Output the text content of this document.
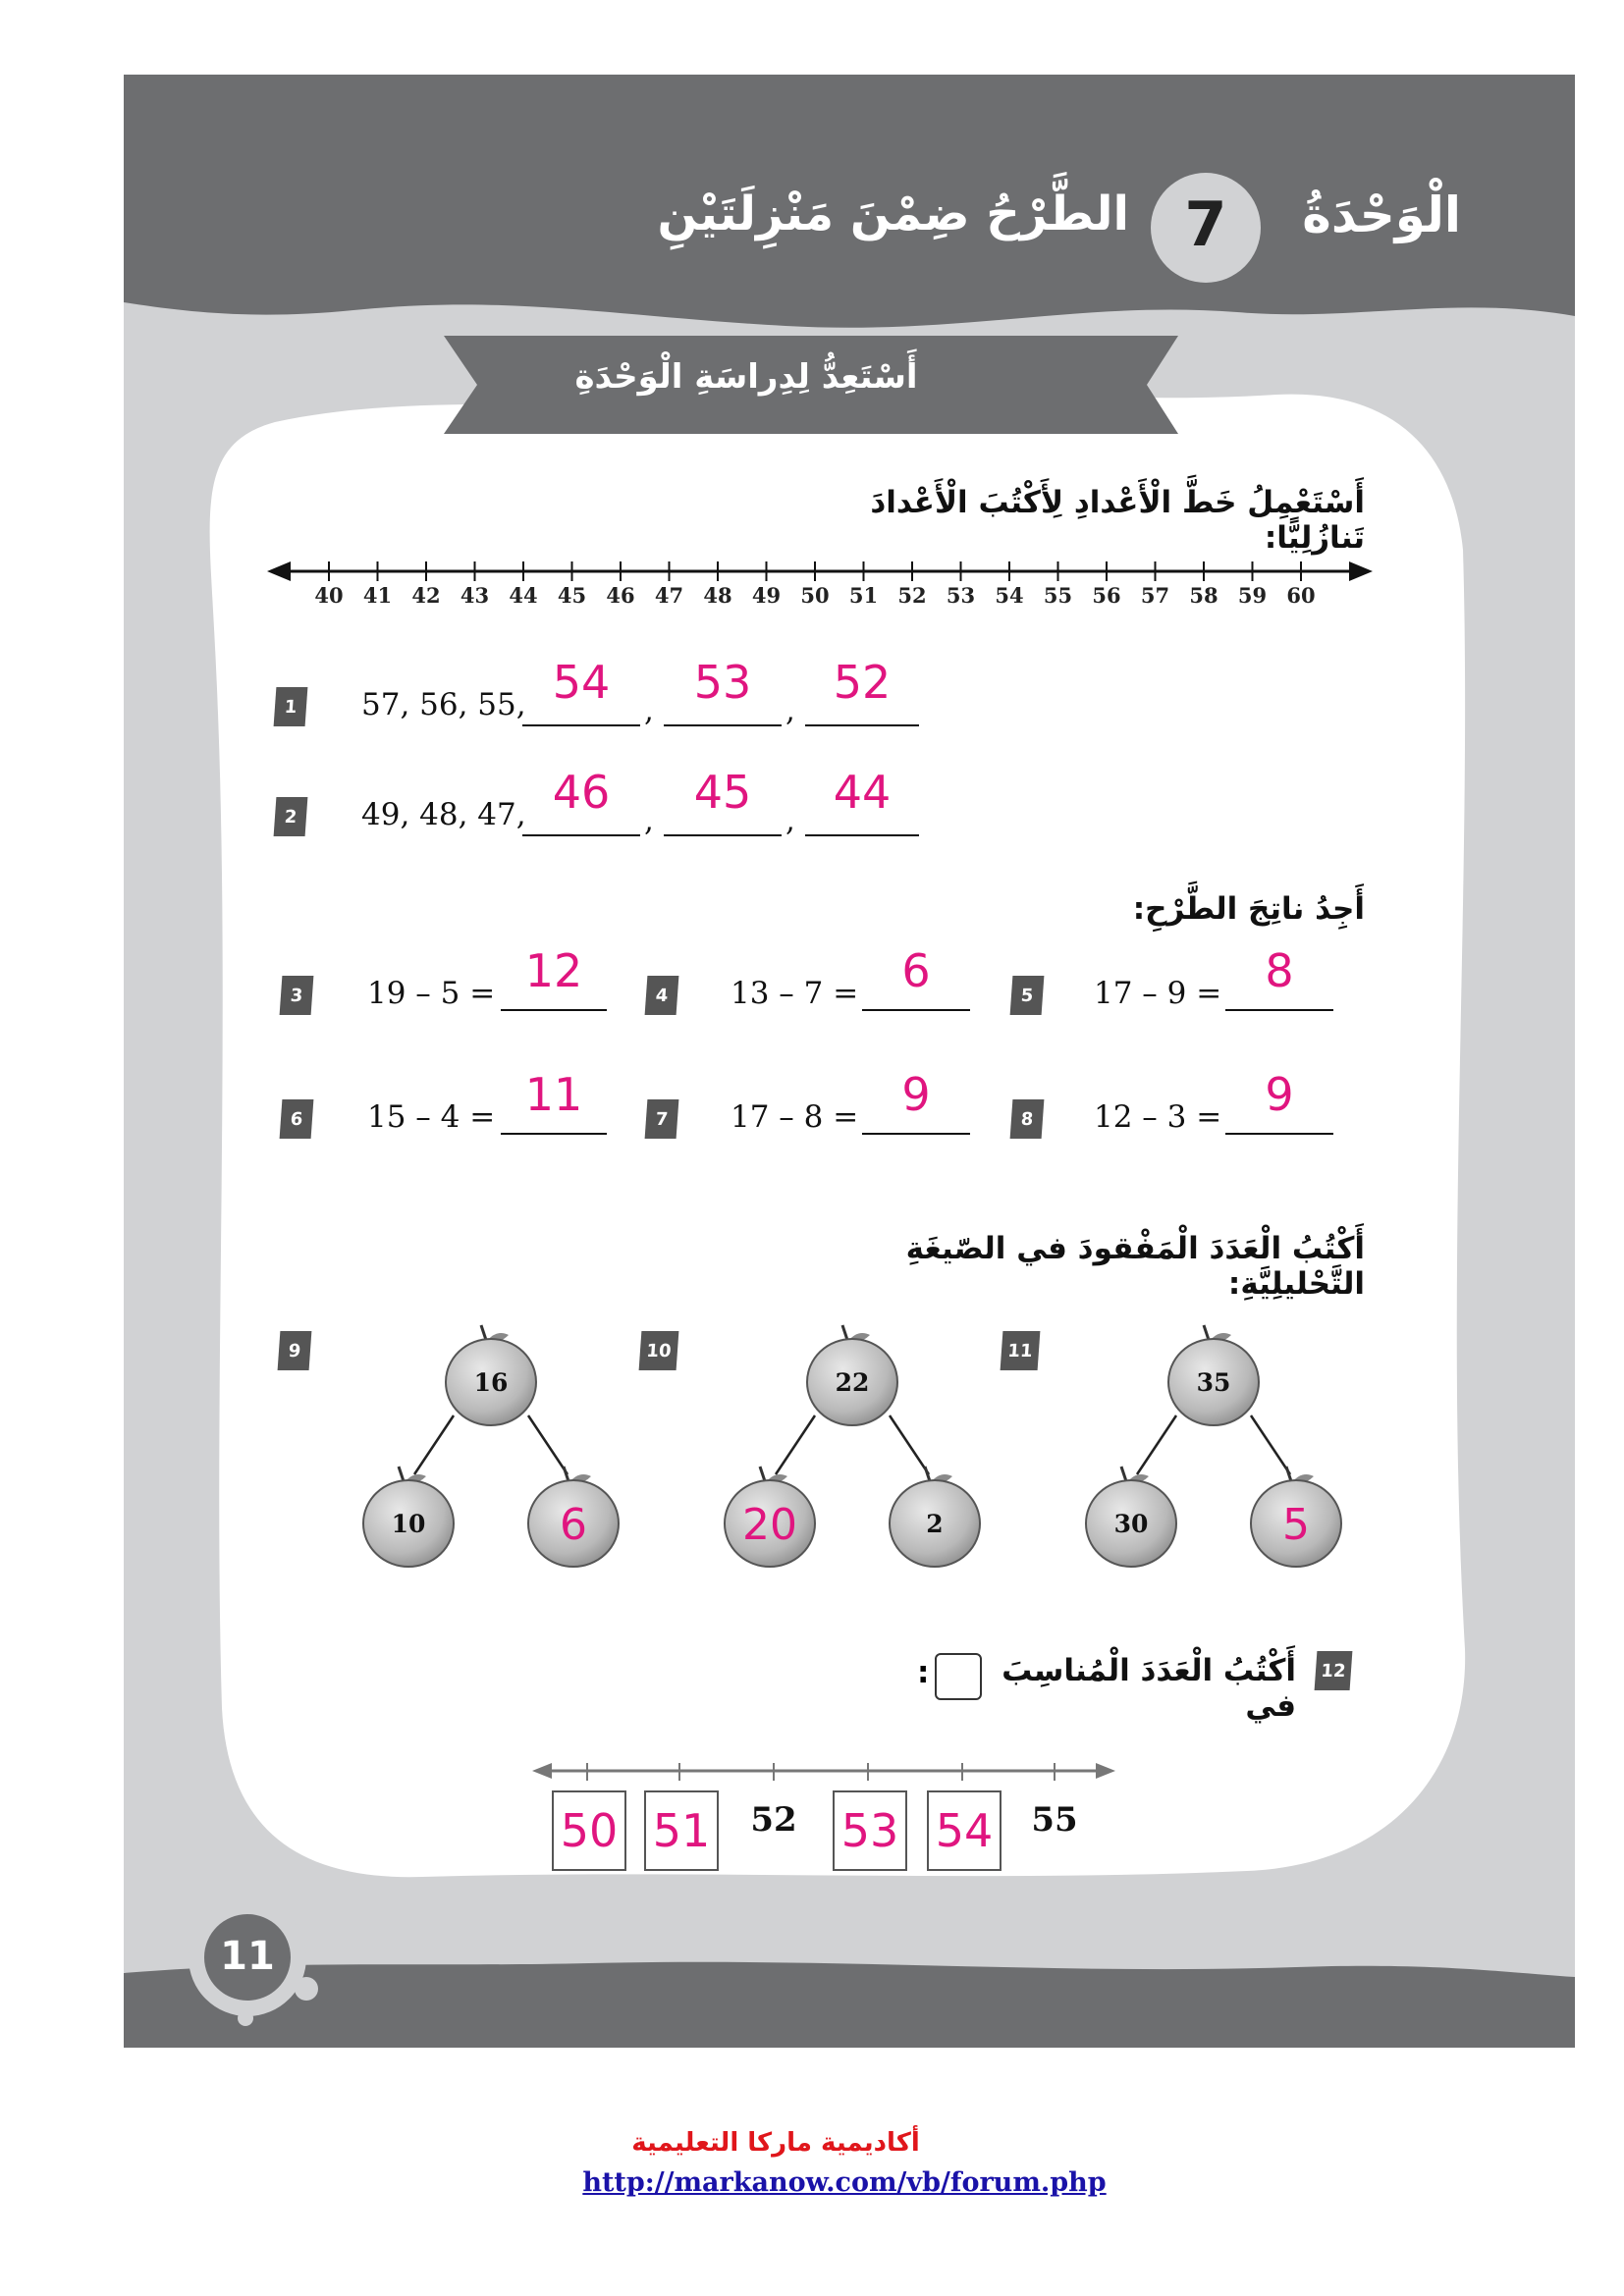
الْوَحْدَةُ
7
الطَّرْحُ ضِمْنَ مَنْزِلَتَيْنِ
أَسْتَعِدُّ لِدِراسَةِ الْوَحْدَةِ
أَسْتَعْمِلُ خَطَّ الْأَعْدادِ لِأَكْتُبَ الْأَعْدادَ تَنازُلِيًّا:
40 41 42 43 44 45 46 47 48 49 50 51 52 53 54 55 56 57 58 59 60
1	57, 56, 55, 54
,
53
,
52
2	49, 48, 47, 46
,
45
,
44
أَجِدُ ناتِجَ الطَّرْحِ:
3	19 – 5 = 12	4	13 – 7 = 6	5	17 – 9 = 8
6	15 – 4 = 11	7	17 – 8 = 9	8	12 – 3 = 9
أَكْتُبُ الْعَدَدَ الْمَفْقودَ في الصّيغَةِ التَّحْليلِيَّةِ:
9	10	11
16
10	6
22
20	2
35
30	5
12
أَكْتُبُ الْعَدَدَ الْمُناسِبَ في
:
50 51	52 53 54	55
11
أكاديمية ماركا التعليمية
http://markanow.com/vb/forum.php
